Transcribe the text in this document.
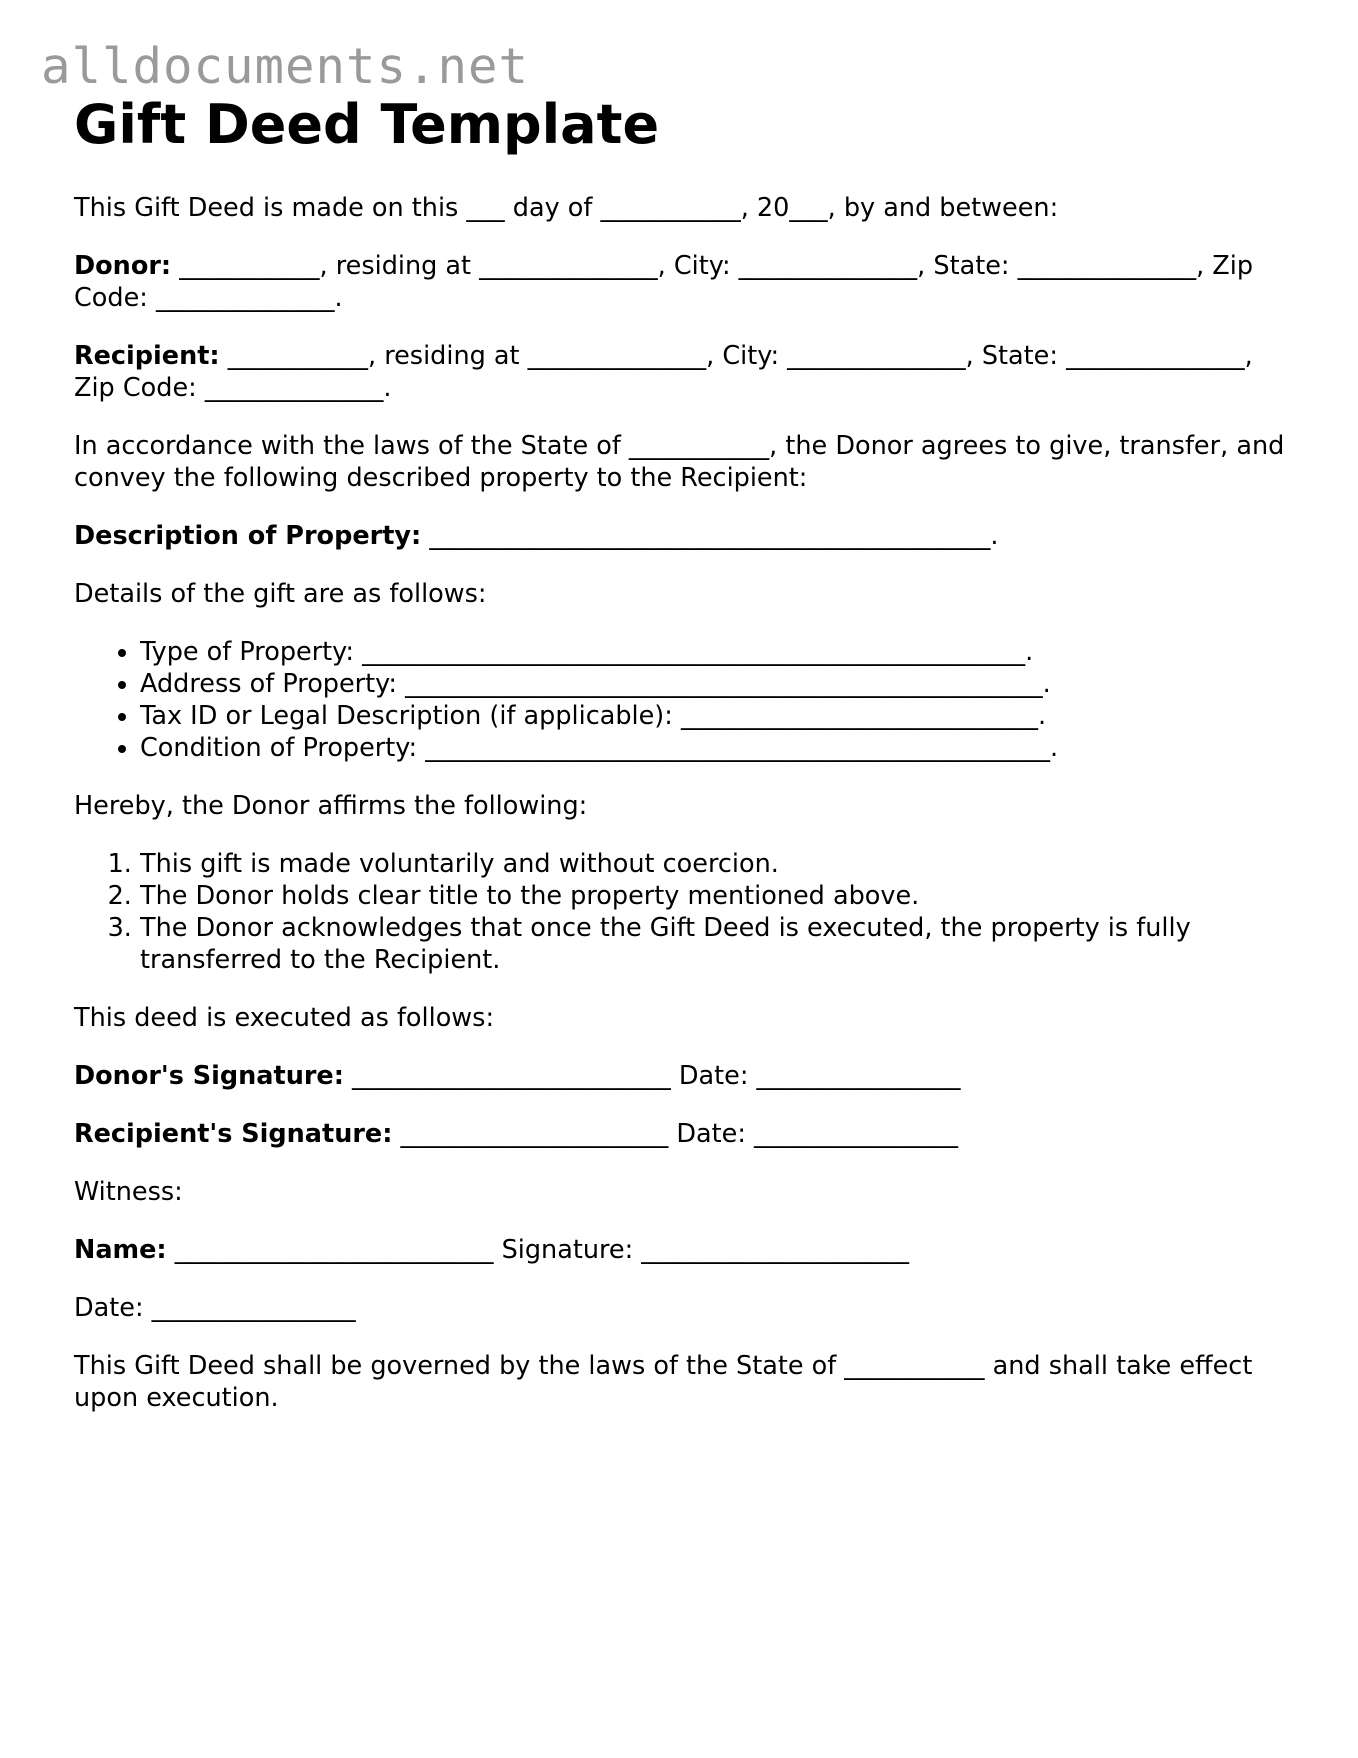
alldocuments.net
Gift Deed Template

This Gift Deed is made on this ___ day of ___________, 20___, by and between:

Donor: ___________, residing at ______________, City: ______________, State: ______________, Zip Code: ______________.

Recipient: ___________, residing at ______________, City: ______________, State: ______________, Zip Code: ______________.

In accordance with the laws of the State of ___________, the Donor agrees to give, transfer, and convey the following described property to the Recipient:

Description of Property: ____________________________________________.

Details of the gift are as follows:

• Type of Property: ____________________________________________________.
• Address of Property: __________________________________________________.
• Tax ID or Legal Description (if applicable): ____________________________.
• Condition of Property: _________________________________________________.

Hereby, the Donor affirms the following:

1. This gift is made voluntarily and without coercion.
2. The Donor holds clear title to the property mentioned above.
3. The Donor acknowledges that once the Gift Deed is executed, the property is fully transferred to the Recipient.

This deed is executed as follows:

Donor's Signature: _________________________ Date: ________________

Recipient's Signature: _____________________ Date: ________________

Witness:

Name: _________________________ Signature: _____________________

Date: ________________

This Gift Deed shall be governed by the laws of the State of ___________ and shall take effect upon execution.
